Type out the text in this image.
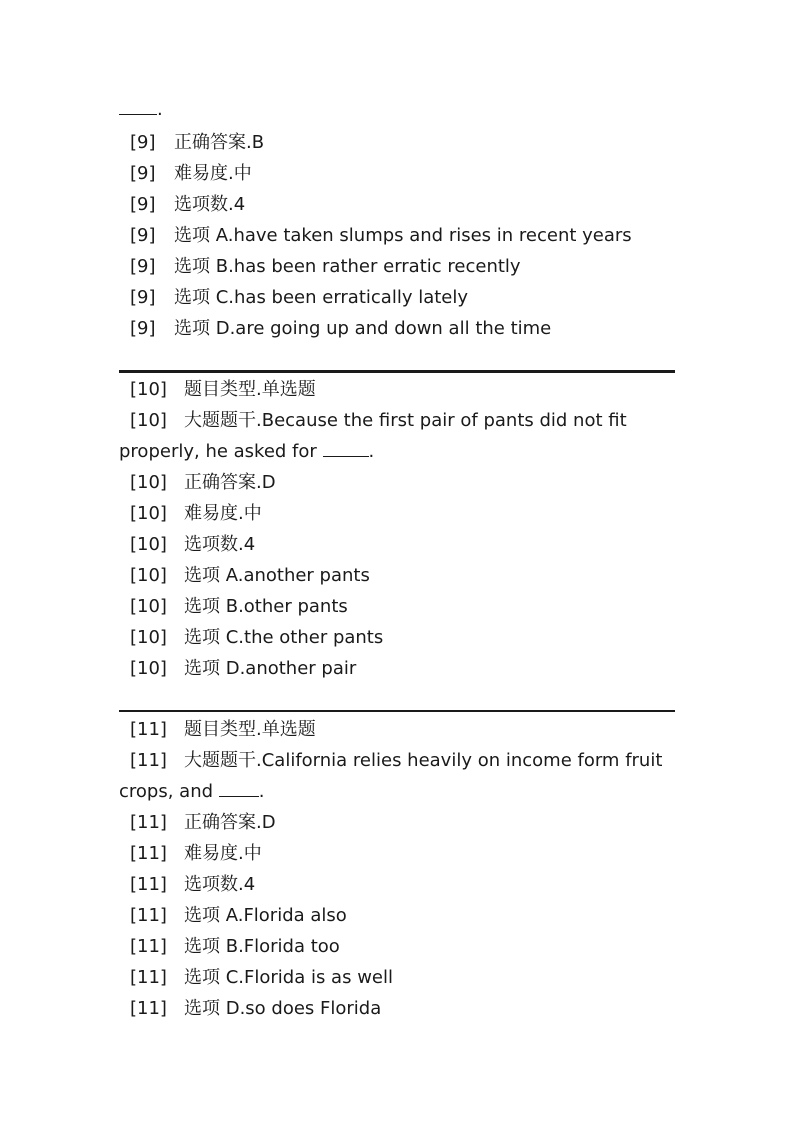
.
[9] 正确答案.B
[9] 难易度.中
[9] 选项数.4
[9] 选项 A.have taken slumps and rises in recent years
[9] 选项 B.has been rather erratic recently
[9] 选项 C.has been erratically lately
[9] 选项 D.are going up and down all the time
[10] 题目类型.单选题
[10] 大题题干.Because the first pair of pants did not fit
properly, he asked for	.
[10] 正确答案.D
[10] 难易度.中
[10] 选项数.4
[10] 选项 A.another pants
[10] 选项 B.other pants
[10] 选项 C.the other pants
[10] 选项 D.another pair
[11] 题目类型.单选题
[11] 大题题干.California relies heavily on income form fruit
crops, and	.
[11] 正确答案.D
[11] 难易度.中
[11] 选项数.4
[11] 选项 A.Florida also
[11] 选项 B.Florida too
[11] 选项 C.Florida is as well
[11] 选项 D.so does Florida
